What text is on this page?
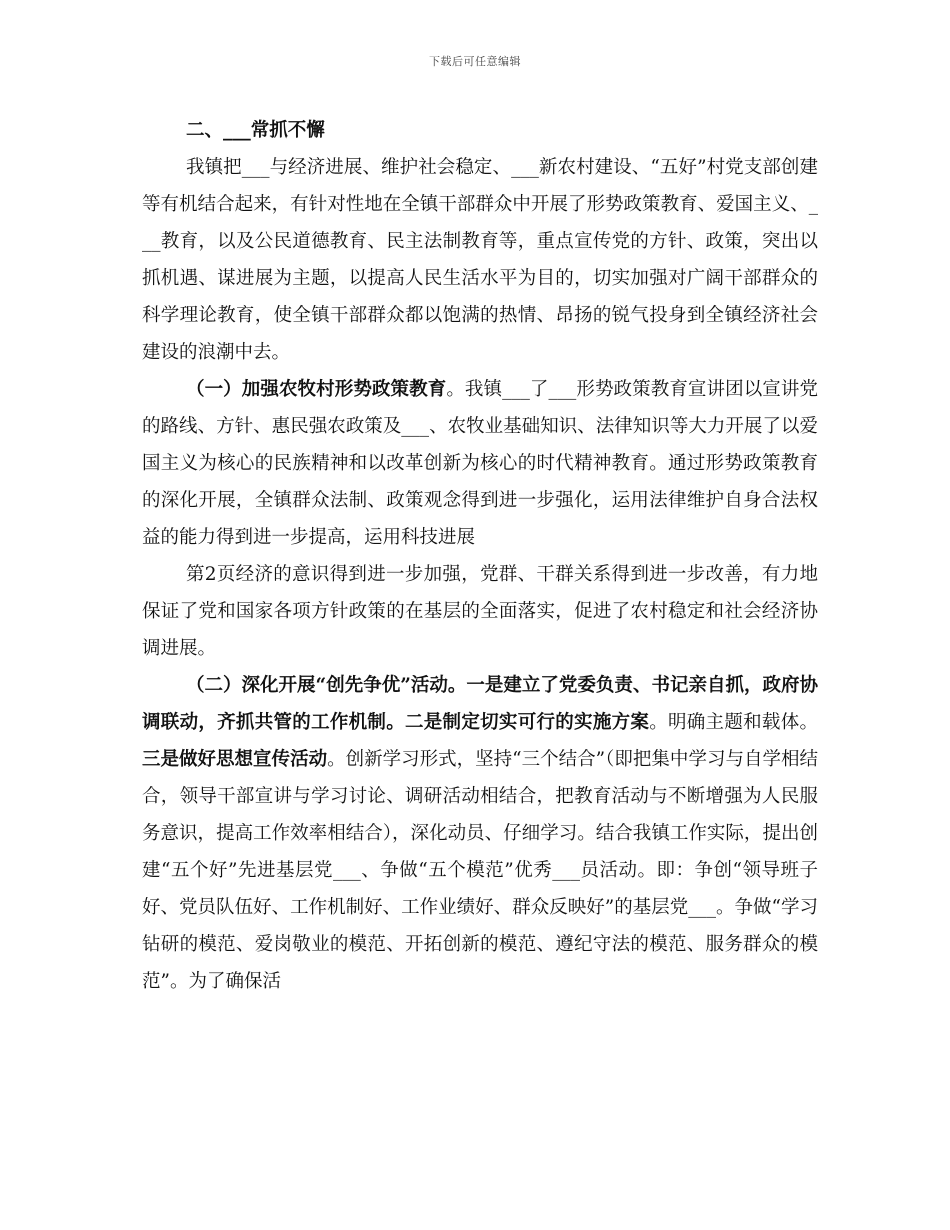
下载后可任意编辑
二、___常抓不懈

我镇把___与经济进展、维护社会稳定、___新农村建设、“五好”村党支部创建等有机结合起来，有针对性地在全镇干部群众中开展了形势政策教育、爱国主义、___教育，以及公民道德教育、民主法制教育等，重点宣传党的方针、政策，突出以抓机遇、谋进展为主题，以提高人民生活水平为目的，切实加强对广阔干部群众的科学理论教育，使全镇干部群众都以饱满的热情、昂扬的锐气投身到全镇经济社会建设的浪潮中去。

（一）加强农牧村形势政策教育。我镇___了___形势政策教育宣讲团以宣讲党的路线、方针、惠民强农政策及___、农牧业基础知识、法律知识等大力开展了以爱国主义为核心的民族精神和以改革创新为核心的时代精神教育。通过形势政策教育的深化开展，全镇群众法制、政策观念得到进一步强化，运用法律维护自身合法权益的能力得到进一步提高，运用科技进展

第2页经济的意识得到进一步加强，党群、干群关系得到进一步改善，有力地保证了党和国家各项方针政策的在基层的全面落实，促进了农村稳定和社会经济协调进展。

（二）深化开展“创先争优”活动。一是建立了党委负责、书记亲自抓，政府协调联动，齐抓共管的工作机制。二是制定切实可行的实施方案。明确主题和载体。三是做好思想宣传活动。创新学习形式，坚持“三个结合”（即把集中学习与自学相结合，领导干部宣讲与学习讨论、调研活动相结合，把教育活动与不断增强为人民服务意识，提高工作效率相结合），深化动员、仔细学习。结合我镇工作实际，提出创建“五个好”先进基层党___、争做“五个模范”优秀___员活动。即：争创“领导班子好、党员队伍好、工作机制好、工作业绩好、群众反映好”的基层党___。争做“学习钻研的模范、爱岗敬业的模范、开拓创新的模范、遵纪守法的模范、服务群众的模范”。为了确保活
